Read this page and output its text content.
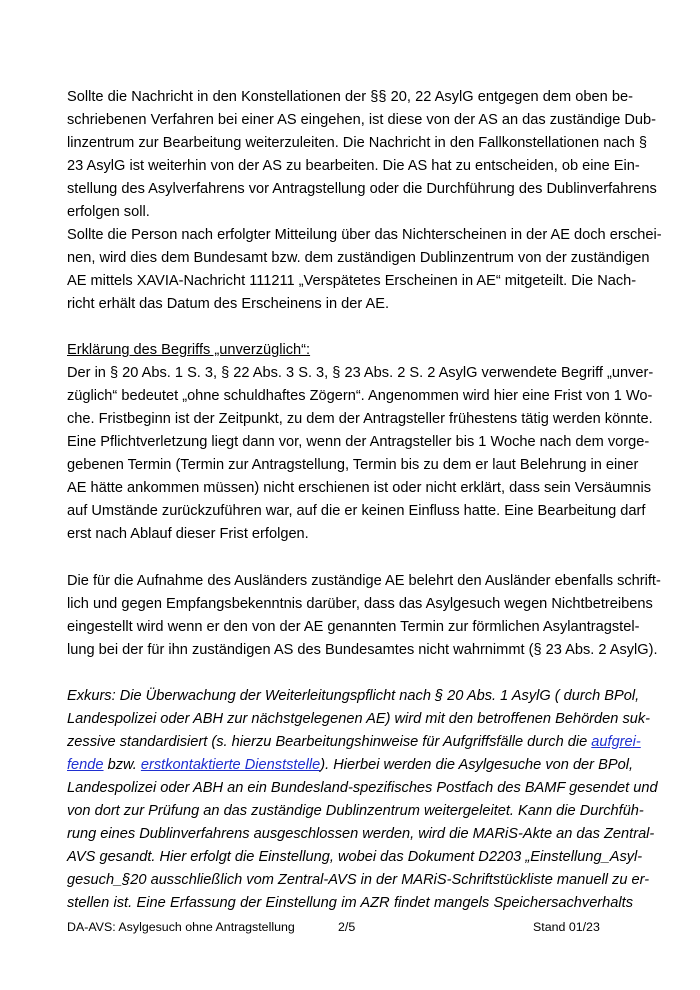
Sollte die Nachricht in den Konstellationen der §§ 20, 22 AsylG entgegen dem oben be-
schriebenen Verfahren bei einer AS eingehen, ist diese von der AS an das zuständige Dub-
linzentrum zur Bearbeitung weiterzuleiten. Die Nachricht in den Fallkonstellationen nach §
23 AsylG ist weiterhin von der AS zu bearbeiten. Die AS hat zu entscheiden, ob eine Ein-
stellung des Asylverfahrens vor Antragstellung oder die Durchführung des Dublinverfahrens
erfolgen soll.
Sollte die Person nach erfolgter Mitteilung über das Nichterscheinen in der AE doch erschei-
nen, wird dies dem Bundesamt bzw. dem zuständigen Dublinzentrum von der zuständigen
AE mittels XAVIA-Nachricht 111211 „Verspätetes Erscheinen in AE“ mitgeteilt. Die Nach-
richt erhält das Datum des Erscheinens in der AE.
Erklärung des Begriffs „unverzüglich“:
Der in § 20 Abs. 1 S. 3, § 22 Abs. 3 S. 3, § 23 Abs. 2 S. 2 AsylG verwendete Begriff „unver-
züglich“ bedeutet „ohne schuldhaftes Zögern“. Angenommen wird hier eine Frist von 1 Wo-
che. Fristbeginn ist der Zeitpunkt, zu dem der Antragsteller frühestens tätig werden könnte.
Eine Pflichtverletzung liegt dann vor, wenn der Antragsteller bis 1 Woche nach dem vorge-
gebenen Termin (Termin zur Antragstellung, Termin bis zu dem er laut Belehrung in einer
AE hätte ankommen müssen) nicht erschienen ist oder nicht erklärt, dass sein Versäumnis
auf Umstände zurückzuführen war, auf die er keinen Einfluss hatte. Eine Bearbeitung darf
erst nach Ablauf dieser Frist erfolgen.
Die für die Aufnahme des Ausländers zuständige AE belehrt den Ausländer ebenfalls schrift-
lich und gegen Empfangsbekenntnis darüber, dass das Asylgesuch wegen Nichtbetreibens
eingestellt wird wenn er den von der AE genannten Termin zur förmlichen Asylantragstel-
lung bei der für ihn zuständigen AS des Bundesamtes nicht wahrnimmt (§ 23 Abs. 2 AsylG).
Exkurs: Die Überwachung der Weiterleitungspflicht nach § 20 Abs. 1 AsylG ( durch BPol,
Landespolizei oder ABH zur nächstgelegenen AE) wird mit den betroffenen Behörden suk-
zessive standardisiert (s. hierzu Bearbeitungshinweise für Aufgriffsfälle durch die aufgrei-
fende bzw. erstkontaktierte Dienststelle). Hierbei werden die Asylgesuche von der BPol,
Landespolizei oder ABH an ein Bundesland-spezifisches Postfach des BAMF gesendet und
von dort zur Prüfung an das zuständige Dublinzentrum weitergeleitet. Kann die Durchfüh-
rung eines Dublinverfahrens ausgeschlossen werden, wird die MARiS-Akte an das Zentral-
AVS gesandt. Hier erfolgt die Einstellung, wobei das Dokument D2203 „Einstellung_Asyl-
gesuch_§20 ausschließlich vom Zentral-AVS in der MARiS-Schriftstückliste manuell zu er-
stellen ist. Eine Erfassung der Einstellung im AZR findet mangels Speichersachverhalts
DA-AVS: Asylgesuch ohne Antragstellung	2/5	Stand 01/23
